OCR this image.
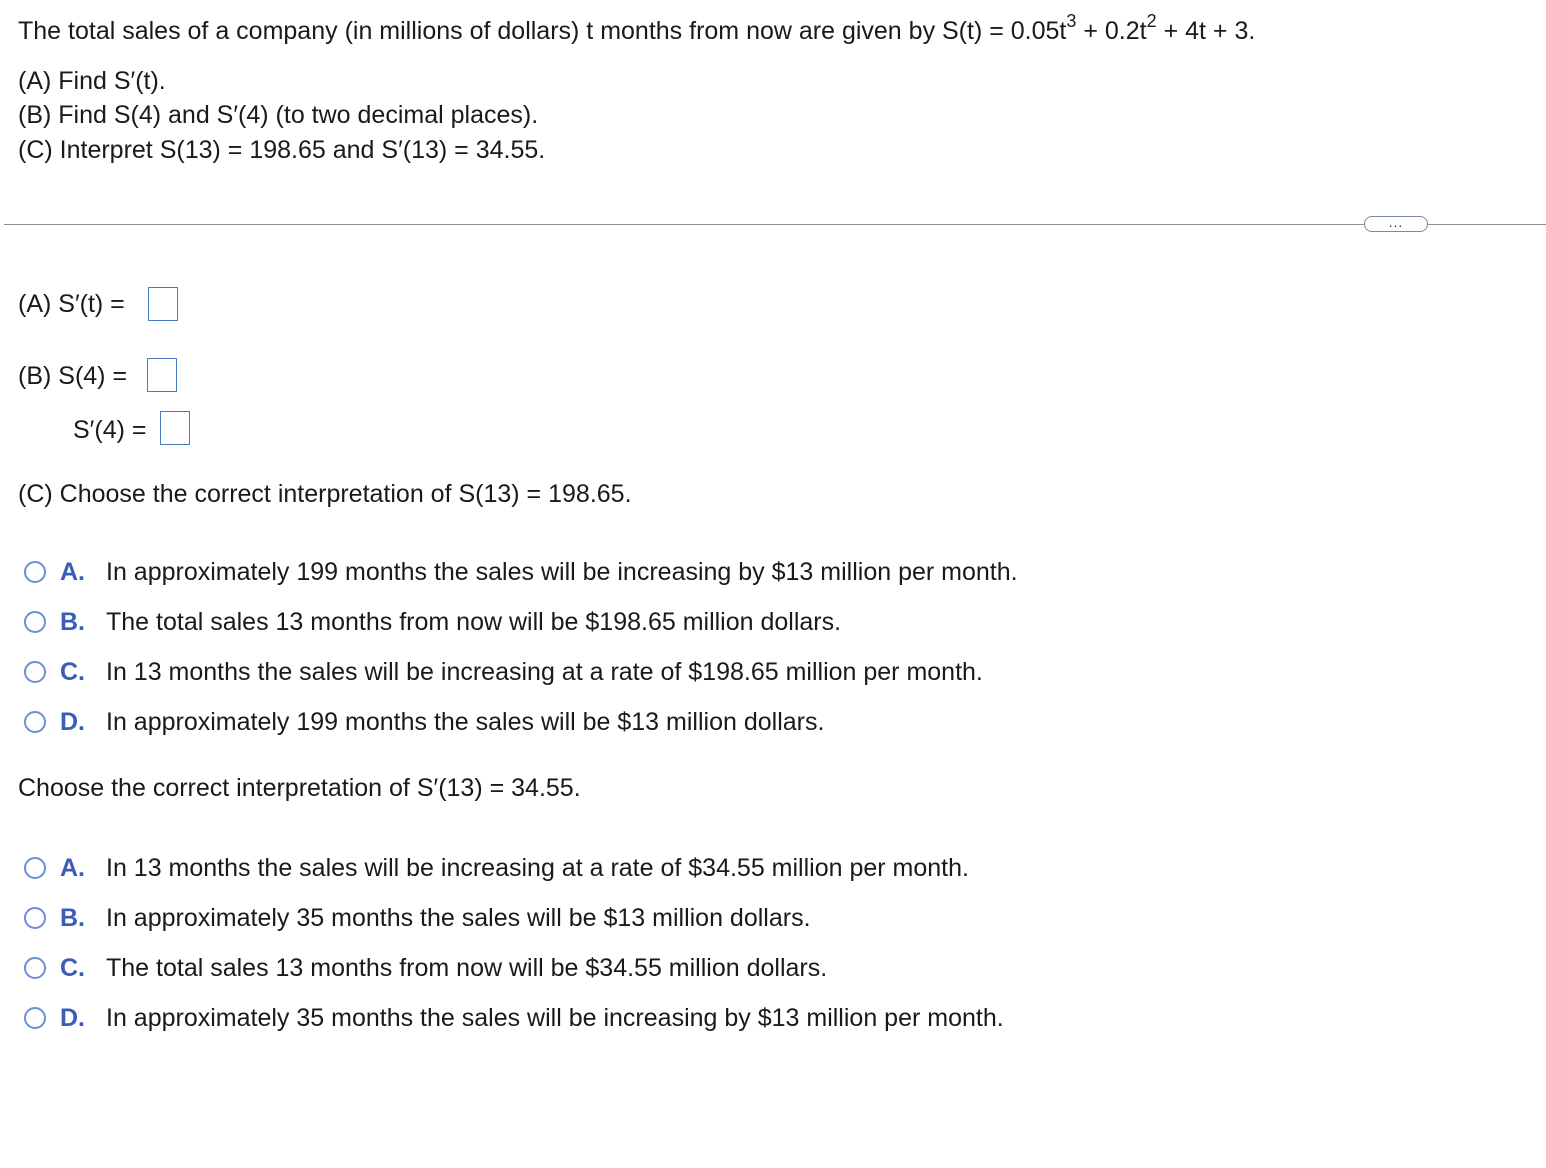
The total sales of a company (in millions of dollars) t months from now are given by $S(t) = 0.05t^3 + 0.2t^2 + 4t + 3$.
(A) Find S′(t).
(B) Find S(4) and S′(4) (to two decimal places).
(C) Interpret S(13) = 198.65 and S′(13) = 34.55.
...
(A) S′(t) =
(B) S(4) =
S′(4) =
(C) Choose the correct interpretation of S(13) = 198.65.
A. In approximately 199 months the sales will be increasing by $13 million per month.
B. The total sales 13 months from now will be $198.65 million dollars.
C. In 13 months the sales will be increasing at a rate of $198.65 million per month.
D. In approximately 199 months the sales will be $13 million dollars.
Choose the correct interpretation of S′(13) = 34.55.
A. In 13 months the sales will be increasing at a rate of $34.55 million per month.
B. In approximately 35 months the sales will be $13 million dollars.
C. The total sales 13 months from now will be $34.55 million dollars.
D. In approximately 35 months the sales will be increasing by $13 million per month.
